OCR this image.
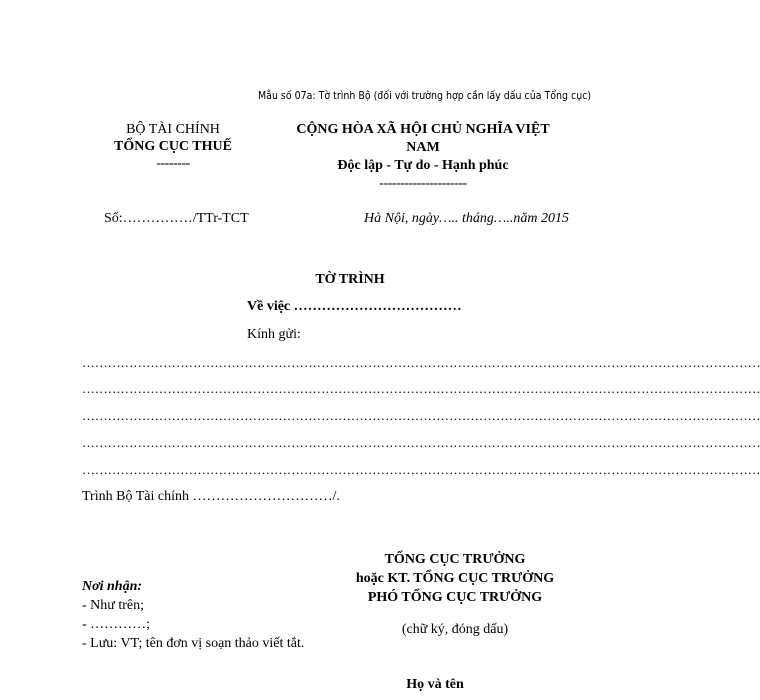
Mẫu số 07a: Tờ trình Bộ (đối với trường hợp cần lấy dấu của Tổng cục)
BỘ TÀI CHÍNH
TỔNG CỤC THUẾ
--------
CỘNG HÒA XÃ HỘI CHỦ NGHĨA VIỆT NAM
Độc lập - Tự do - Hạnh phúc
---------------------
Số:……………/TTr-TCT	Hà Nội, ngày….. tháng…..năm 2015
TỜ TRÌNH
Về việc ………………………………
Kính gửi:
……………………………………………………………………………………………………………………………………………
……………………………………………………………………………………………………………………………………………
……………………………………………………………………………………………………………………………………………
……………………………………………………………………………………………………………………………………………
……………………………………………………………………………………………………………………………………………
Trình Bộ Tài chính …………………………/.
Nơi nhận:
- Như trên;
- …………;
- Lưu: VT; tên đơn vị soạn thảo viết tắt.
TỔNG CỤC TRƯỞNG
hoặc KT. TỔNG CỤC TRƯỞNG
PHÓ TỔNG CỤC TRƯỞNG
(chữ ký, đóng dấu)
Họ và tên
